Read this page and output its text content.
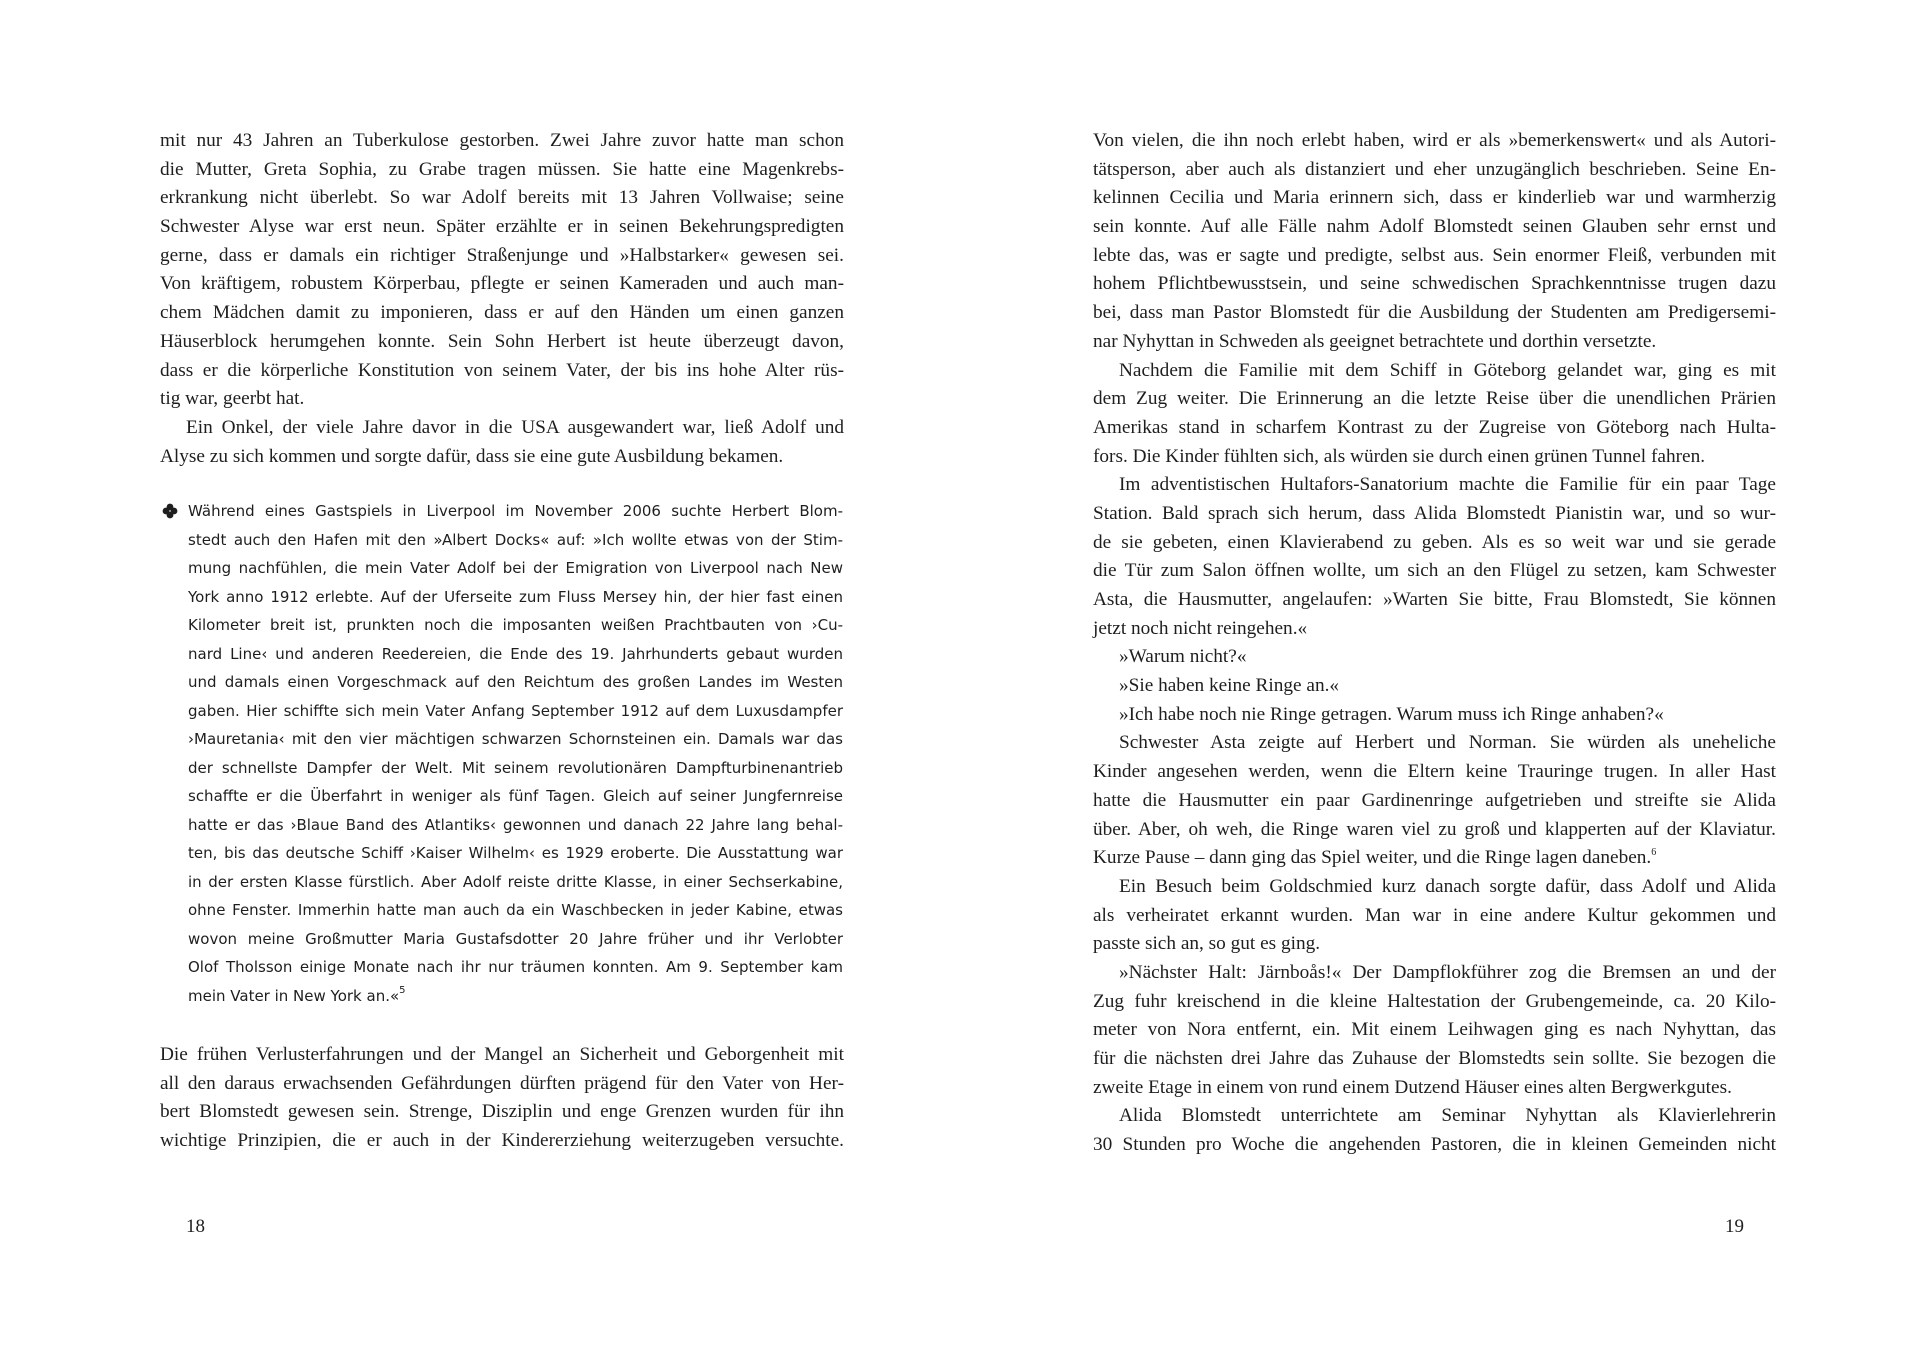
mit nur 43 Jahren an Tuberkulose gestorben. Zwei Jahre zuvor hatte man schon
die Mutter, Greta Sophia, zu Grabe tragen müssen. Sie hatte eine Magenkrebs-
erkrankung nicht überlebt. So war Adolf bereits mit 13 Jahren Vollwaise; seine
Schwester Alyse war erst neun. Später erzählte er in seinen Bekehrungspredigten
gerne, dass er damals ein richtiger Straßenjunge und »Halbstarker« gewesen sei.
Von kräftigem, robustem Körperbau, pflegte er seinen Kameraden und auch man-
chem Mädchen damit zu imponieren, dass er auf den Händen um einen ganzen
Häuserblock herumgehen konnte. Sein Sohn Herbert ist heute überzeugt davon,
dass er die körperliche Konstitution von seinem Vater, der bis ins hohe Alter rüs-
tig war, geerbt hat.
Ein Onkel, der viele Jahre davor in die USA ausgewandert war, ließ Adolf und
Alyse zu sich kommen und sorgte dafür, dass sie eine gute Ausbildung bekamen.
Während eines Gastspiels in Liverpool im November 2006 suchte Herbert Blom-
stedt auch den Hafen mit den »Albert Docks« auf: »Ich wollte etwas von der Stim-
mung nachfühlen, die mein Vater Adolf bei der Emigration von Liverpool nach New
York anno 1912 erlebte. Auf der Uferseite zum Fluss Mersey hin, der hier fast einen
Kilometer breit ist, prunkten noch die imposanten weißen Prachtbauten von ›Cu-
nard Line‹ und anderen Reedereien, die Ende des 19. Jahrhunderts gebaut wurden
und damals einen Vorgeschmack auf den Reichtum des großen Landes im Westen
gaben. Hier schiffte sich mein Vater Anfang September 1912 auf dem Luxusdampfer
›Mauretania‹ mit den vier mächtigen schwarzen Schornsteinen ein. Damals war das
der schnellste Dampfer der Welt. Mit seinem revolutionären Dampfturbinenantrieb
schaffte er die Überfahrt in weniger als fünf Tagen. Gleich auf seiner Jungfernreise
hatte er das ›Blaue Band des Atlantiks‹ gewonnen und danach 22 Jahre lang behal-
ten, bis das deutsche Schiff ›Kaiser Wilhelm‹ es 1929 eroberte. Die Ausstattung war
in der ersten Klasse fürstlich. Aber Adolf reiste dritte Klasse, in einer Sechserkabine,
ohne Fenster. Immerhin hatte man auch da ein Waschbecken in jeder Kabine, etwas
wovon meine Großmutter Maria Gustafsdotter 20 Jahre früher und ihr Verlobter
Olof Tholsson einige Monate nach ihr nur träumen konnten. Am 9. September kam
mein Vater in New York an.«$^5$
Die frühen Verlusterfahrungen und der Mangel an Sicherheit und Geborgenheit mit
all den daraus erwachsenden Gefährdungen dürften prägend für den Vater von Her-
bert Blomstedt gewesen sein. Strenge, Disziplin und enge Grenzen wurden für ihn
wichtige Prinzipien, die er auch in der Kindererziehung weiterzugeben versuchte.
18
Von vielen, die ihn noch erlebt haben, wird er als »bemerkenswert« und als Autori-
tätsperson, aber auch als distanziert und eher unzugänglich beschrieben. Seine En-
kelinnen Cecilia und Maria erinnern sich, dass er kinderlieb war und warmherzig
sein konnte. Auf alle Fälle nahm Adolf Blomstedt seinen Glauben sehr ernst und
lebte das, was er sagte und predigte, selbst aus. Sein enormer Fleiß, verbunden mit
hohem Pflichtbewusstsein, und seine schwedischen Sprachkenntnisse trugen dazu
bei, dass man Pastor Blomstedt für die Ausbildung der Studenten am Predigersemi-
nar Nyhyttan in Schweden als geeignet betrachtete und dorthin versetzte.
Nachdem die Familie mit dem Schiff in Göteborg gelandet war, ging es mit
dem Zug weiter. Die Erinnerung an die letzte Reise über die unendlichen Prärien
Amerikas stand in scharfem Kontrast zu der Zugreise von Göteborg nach Hulta-
fors. Die Kinder fühlten sich, als würden sie durch einen grünen Tunnel fahren.
Im adventistischen Hultafors-Sanatorium machte die Familie für ein paar Tage
Station. Bald sprach sich herum, dass Alida Blomstedt Pianistin war, und so wur-
de sie gebeten, einen Klavierabend zu geben. Als es so weit war und sie gerade
die Tür zum Salon öffnen wollte, um sich an den Flügel zu setzen, kam Schwester
Asta, die Hausmutter, angelaufen: »Warten Sie bitte, Frau Blomstedt, Sie können
jetzt noch nicht reingehen.«
»Warum nicht?«
»Sie haben keine Ringe an.«
»Ich habe noch nie Ringe getragen. Warum muss ich Ringe anhaben?«
Schwester Asta zeigte auf Herbert und Norman. Sie würden als uneheliche
Kinder angesehen werden, wenn die Eltern keine Trauringe trugen. In aller Hast
hatte die Hausmutter ein paar Gardinenringe aufgetrieben und streifte sie Alida
über. Aber, oh weh, die Ringe waren viel zu groß und klapperten auf der Klaviatur.
Kurze Pause – dann ging das Spiel weiter, und die Ringe lagen daneben.$^6$
Ein Besuch beim Goldschmied kurz danach sorgte dafür, dass Adolf und Alida
als verheiratet erkannt wurden. Man war in eine andere Kultur gekommen und
passte sich an, so gut es ging.
»Nächster Halt: Järnboås!« Der Dampflokführer zog die Bremsen an und der
Zug fuhr kreischend in die kleine Haltestation der Grubengemeinde, ca. 20 Kilo-
meter von Nora entfernt, ein. Mit einem Leihwagen ging es nach Nyhyttan, das
für die nächsten drei Jahre das Zuhause der Blomstedts sein sollte. Sie bezogen die
zweite Etage in einem von rund einem Dutzend Häuser eines alten Bergwerkgutes.
Alida Blomstedt unterrichtete am Seminar Nyhyttan als Klavierlehrerin
30 Stunden pro Woche die angehenden Pastoren, die in kleinen Gemeinden nicht
19
